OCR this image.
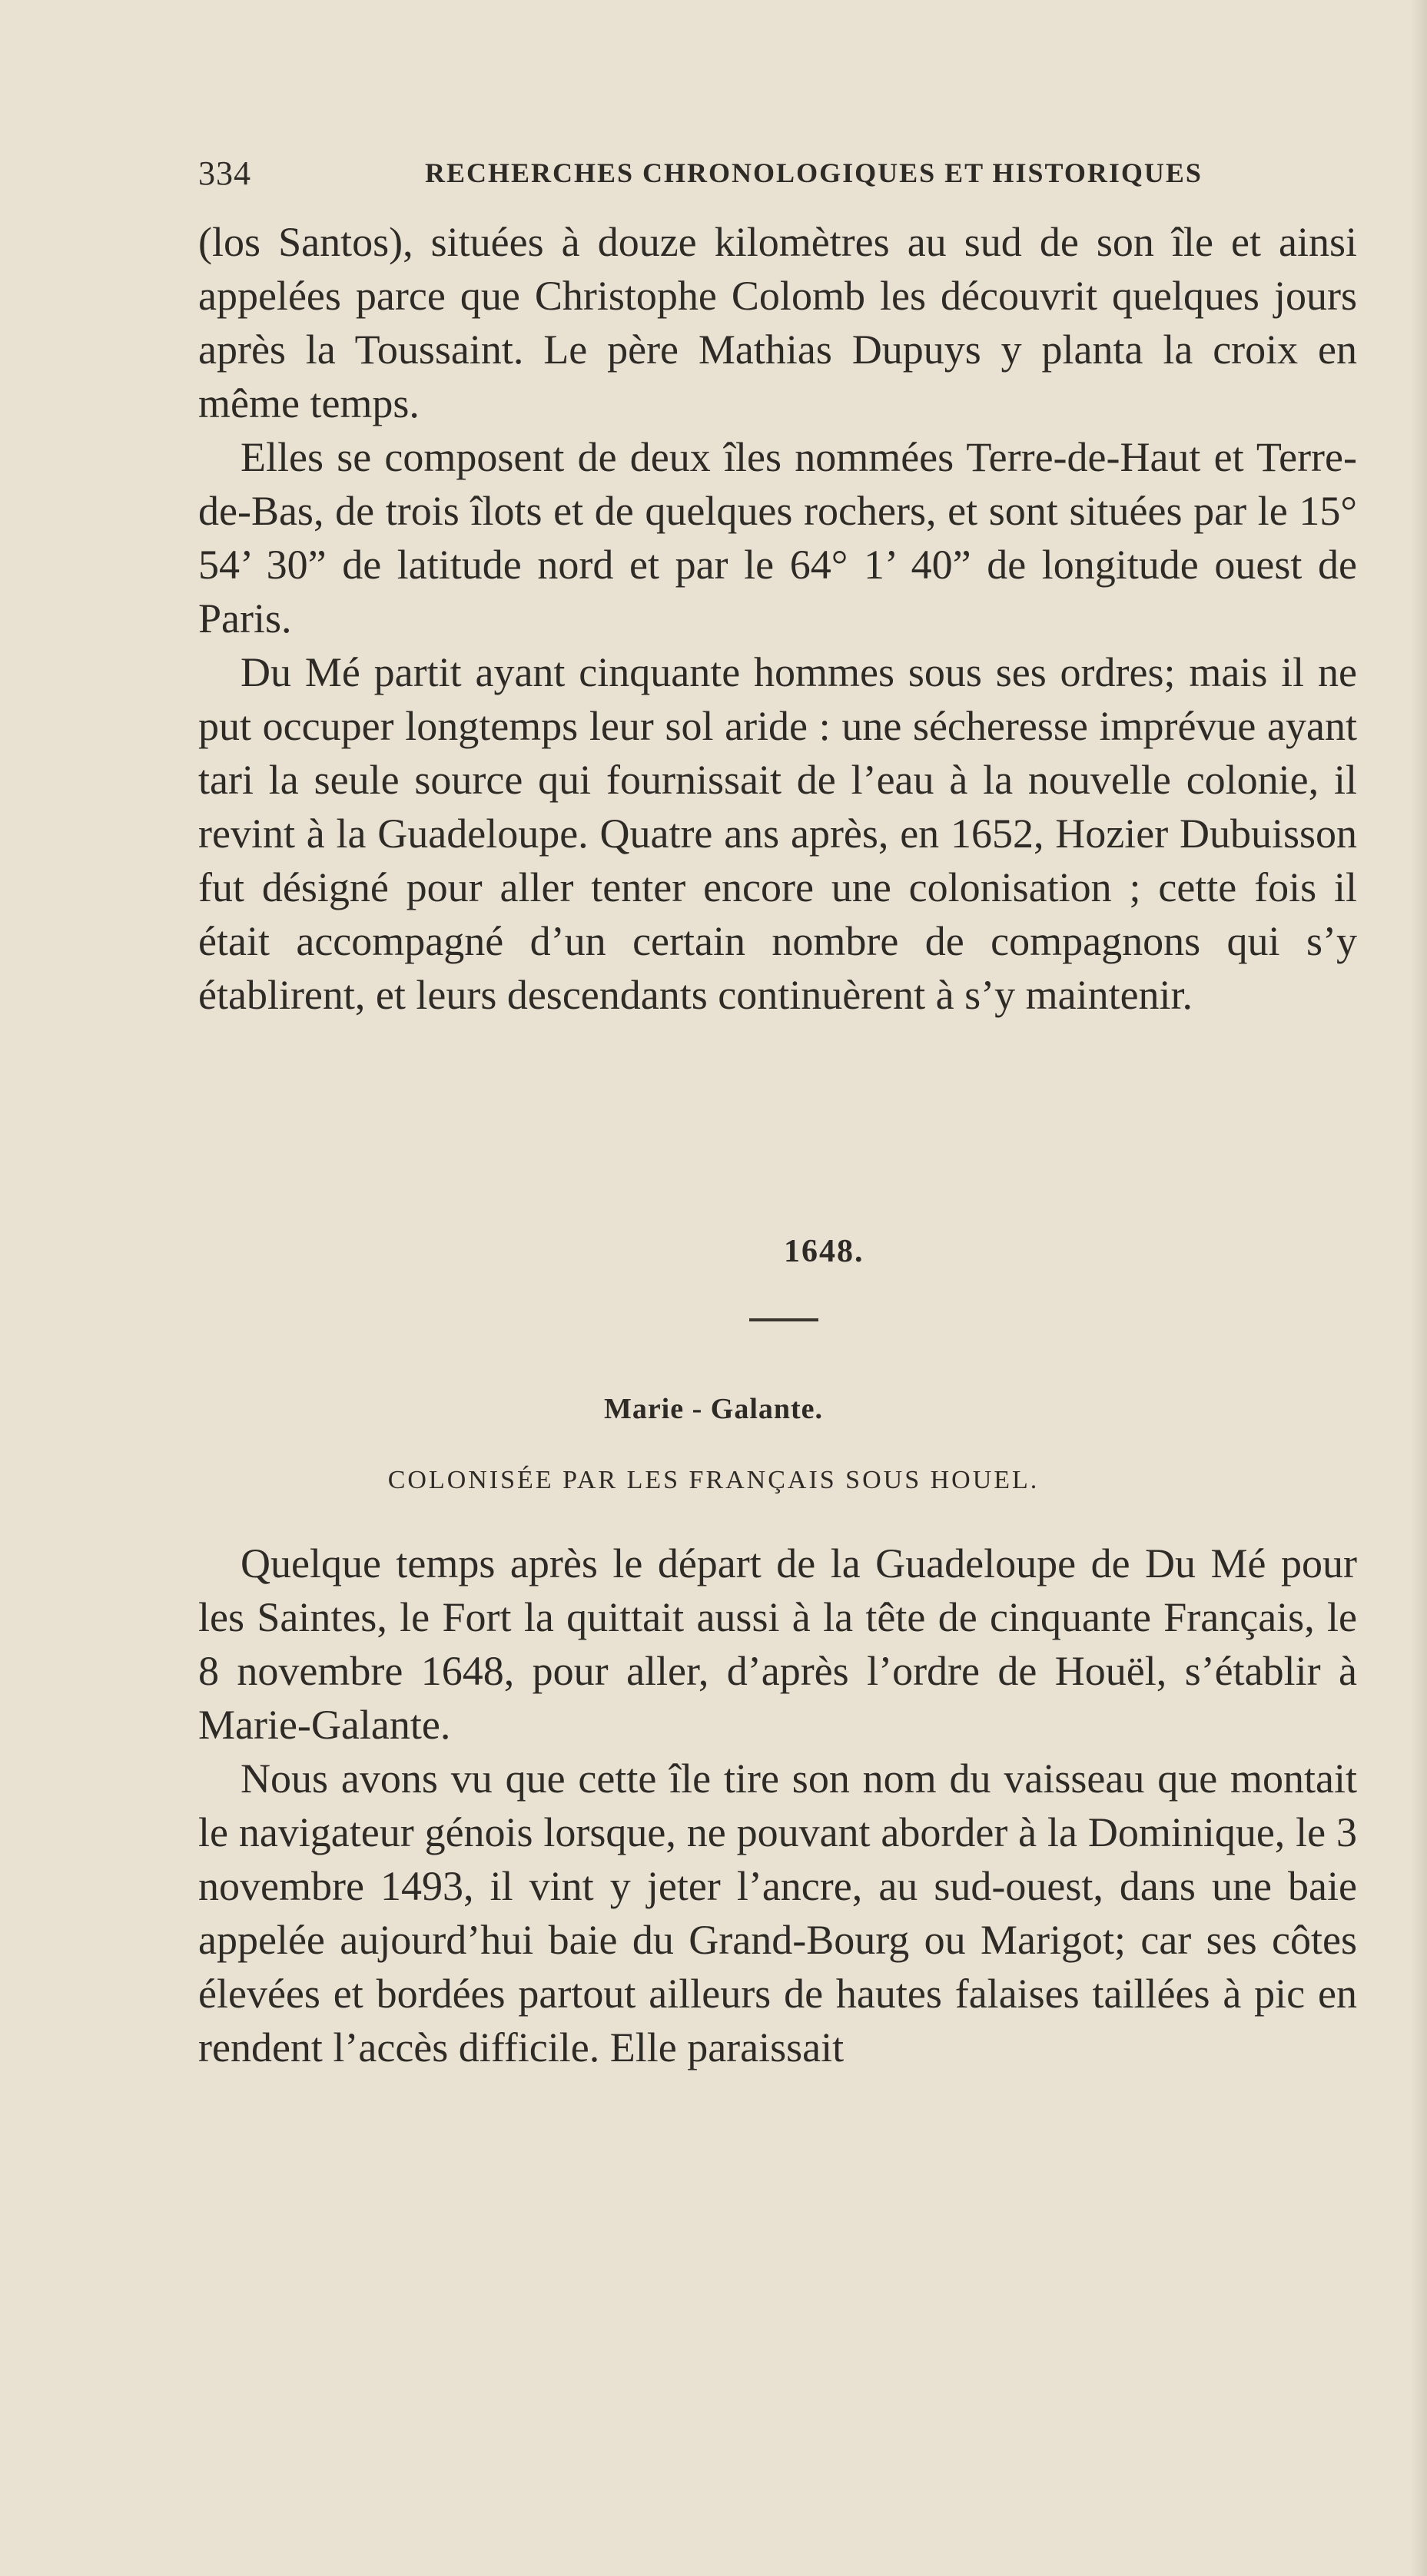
334	RECHERCHES CHRONOLOGIQUES ET HISTORIQUES

(los Santos), situées à douze kilomètres au sud de son île et ainsi appelées parce que Christophe Colomb les découvrit quelques jours après la Toussaint. Le père Mathias Dupuys y planta la croix en même temps.

Elles se composent de deux îles nommées Terre-de-Haut et Terre-de-Bas, de trois îlots et de quelques rochers, et sont situées par le 15° 54’ 30” de latitude nord et par le 64° 1’ 40” de longitude ouest de Paris.

Du Mé partit ayant cinquante hommes sous ses ordres; mais il ne put occuper longtemps leur sol aride : une sécheresse imprévue ayant tari la seule source qui fournissait de l’eau à la nouvelle colonie, il revint à la Guadeloupe. Quatre ans après, en 1652, Hozier Dubuisson fut désigné pour aller tenter encore une colonisation ; cette fois il était accompagné d’un certain nombre de compagnons qui s’y établirent, et leurs descendants continuèrent à s’y maintenir.

1648.
Marie - Galante.
COLONISÉE PAR LES FRANÇAIS SOUS HOUEL.

Quelque temps après le départ de la Guadeloupe de Du Mé pour les Saintes, le Fort la quittait aussi à la tête de cinquante Français, le 8 novembre 1648, pour aller, d’après l’ordre de Houël, s’établir à Marie-Galante.

Nous avons vu que cette île tire son nom du vaisseau que montait le navigateur génois lorsque, ne pouvant aborder à la Dominique, le 3 novembre 1493, il vint y jeter l’ancre, au sud-ouest, dans une baie appelée aujourd’hui baie du Grand-Bourg ou Marigot; car ses côtes élevées et bordées partout ailleurs de hautes falaises taillées à pic en rendent l’accès difficile. Elle paraissait
